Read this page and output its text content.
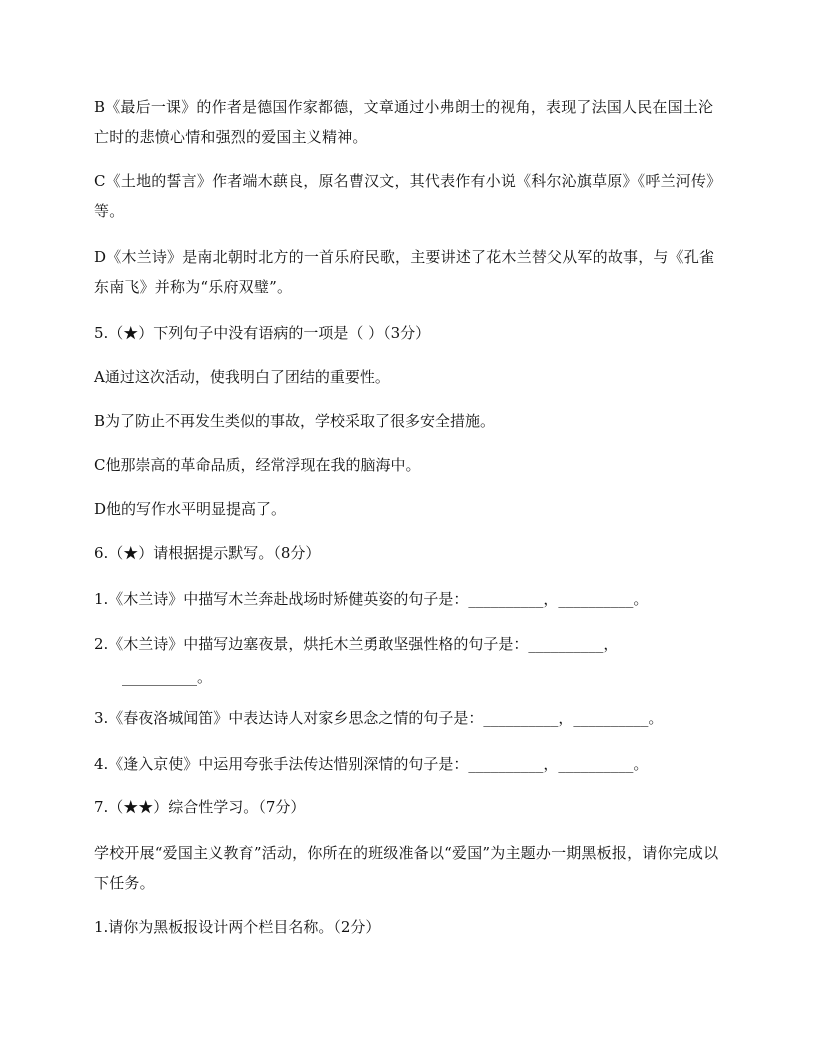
B《最后一课》的作者是德国作家都德，文章通过小弗朗士的视角，表现了法国人民在国土沦亡时的悲愤心情和强烈的爱国主义精神。

C《土地的誓言》作者端木蕻良，原名曹汉文，其代表作有小说《科尔沁旗草原》《呼兰河传》等。

D《木兰诗》是南北朝时北方的一首乐府民歌，主要讲述了花木兰替父从军的故事，与《孔雀东南飞》并称为“乐府双璧”。

5.（★）下列句子中没有语病的一项是（ ）（3分）

A通过这次活动，使我明白了团结的重要性。

B为了防止不再发生类似的事故，学校采取了很多安全措施。

C他那崇高的革命品质，经常浮现在我的脑海中。

D他的写作水平明显提高了。

6.（★）请根据提示默写。（8分）

1.《木兰诗》中描写木兰奔赴战场时矫健英姿的句子是：__________，__________。

2.《木兰诗》中描写边塞夜景，烘托木兰勇敢坚强性格的句子是：__________，

__________。

3.《春夜洛城闻笛》中表达诗人对家乡思念之情的句子是：__________，__________。

4.《逢入京使》中运用夸张手法传达惜别深情的句子是：__________，__________。

7.（★★）综合性学习。（7分）

学校开展“爱国主义教育”活动，你所在的班级准备以“爱国”为主题办一期黑板报，请你完成以下任务。

1.请你为黑板报设计两个栏目名称。（2分）
